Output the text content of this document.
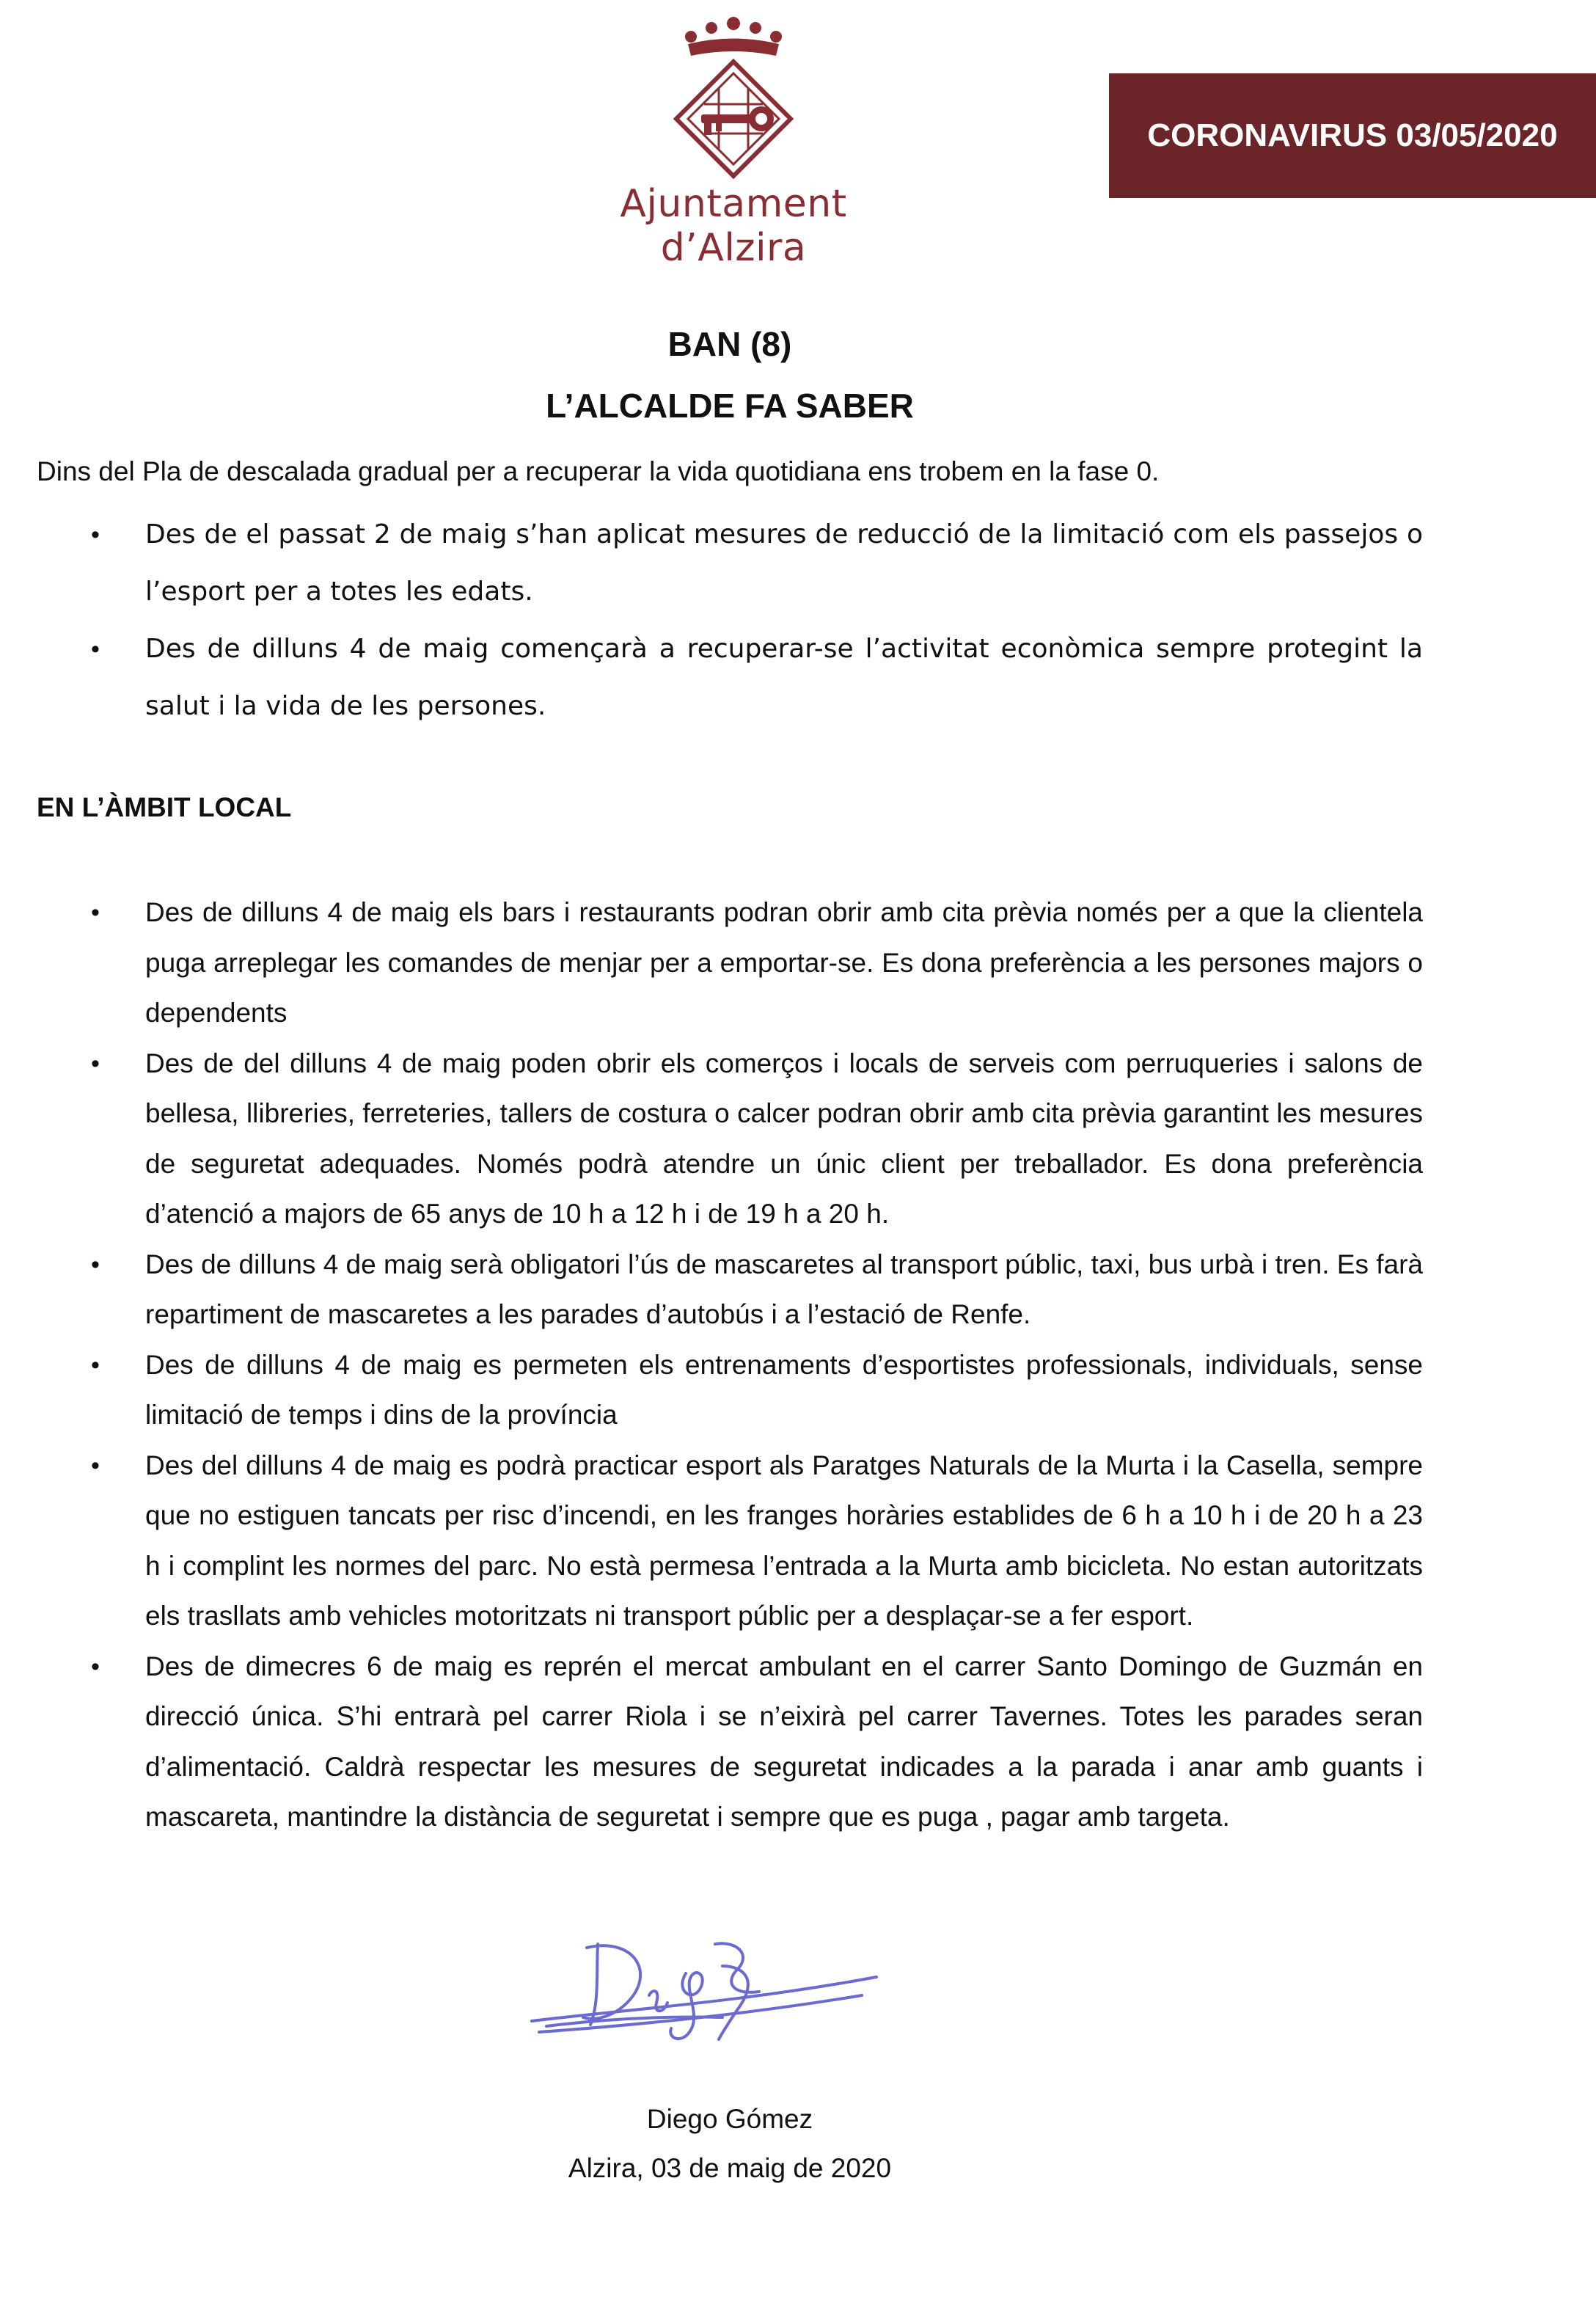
Ajuntament d’Alzira
CORONAVIRUS 03/05/2020
BAN (8)
L’ALCALDE FA SABER
Dins del Pla de descalada gradual per a recuperar la vida quotidiana ens trobem en la fase 0.
• Des de el passat 2 de maig s’han aplicat mesures de reducció de la limitació com els passejos o l’esport per a totes les edats.
• Des de dilluns 4 de maig començarà a recuperar-se l’activitat econòmica sempre protegint la salut i la vida de les persones.
EN L’ÀMBIT LOCAL
• Des de dilluns 4 de maig els bars i restaurants podran obrir amb cita prèvia només per a que la clientela puga arreplegar les comandes de menjar per a emportar-se. Es dona preferència a les persones majors o dependents
• Des de del dilluns 4 de maig poden obrir els comerços i locals de serveis com perruqueries i salons de bellesa, llibreries, ferreteries, tallers de costura o calcer podran obrir amb cita prèvia garantint les mesures de seguretat adequades. Només podrà atendre un únic client per treballador. Es dona preferència d’atenció a majors de 65 anys de 10 h a 12 h i de 19 h a 20 h.
• Des de dilluns 4 de maig serà obligatori l’ús de mascaretes al transport públic, taxi, bus urbà i tren. Es farà repartiment de mascaretes a les parades d’autobús i a l’estació de Renfe.
• Des de dilluns 4 de maig es permeten els entrenaments d’esportistes professionals, individuals, sense limitació de temps i dins de la província
• Des del dilluns 4 de maig es podrà practicar esport als Paratges Naturals de la Murta i la Casella, sempre que no estiguen tancats per risc d’incendi, en les franges horàries establides de 6 h a 10 h i de 20 h a 23 h i complint les normes del parc. No està permesa l’entrada a la Murta amb bicicleta. No estan autoritzats els trasllats amb vehicles motoritzats ni transport públic per a desplaçar-se a fer esport.
• Des de dimecres 6 de maig es reprén el mercat ambulant en el carrer Santo Domingo de Guzmán en direcció única. S’hi entrarà pel carrer Riola i se n’eixirà pel carrer Tavernes. Totes les parades seran d’alimentació. Caldrà respectar les mesures de seguretat indicades a la parada i anar amb guants i mascareta, mantindre la distància de seguretat i sempre que es puga , pagar amb targeta.
Diego Gómez
Alzira, 03 de maig de 2020
